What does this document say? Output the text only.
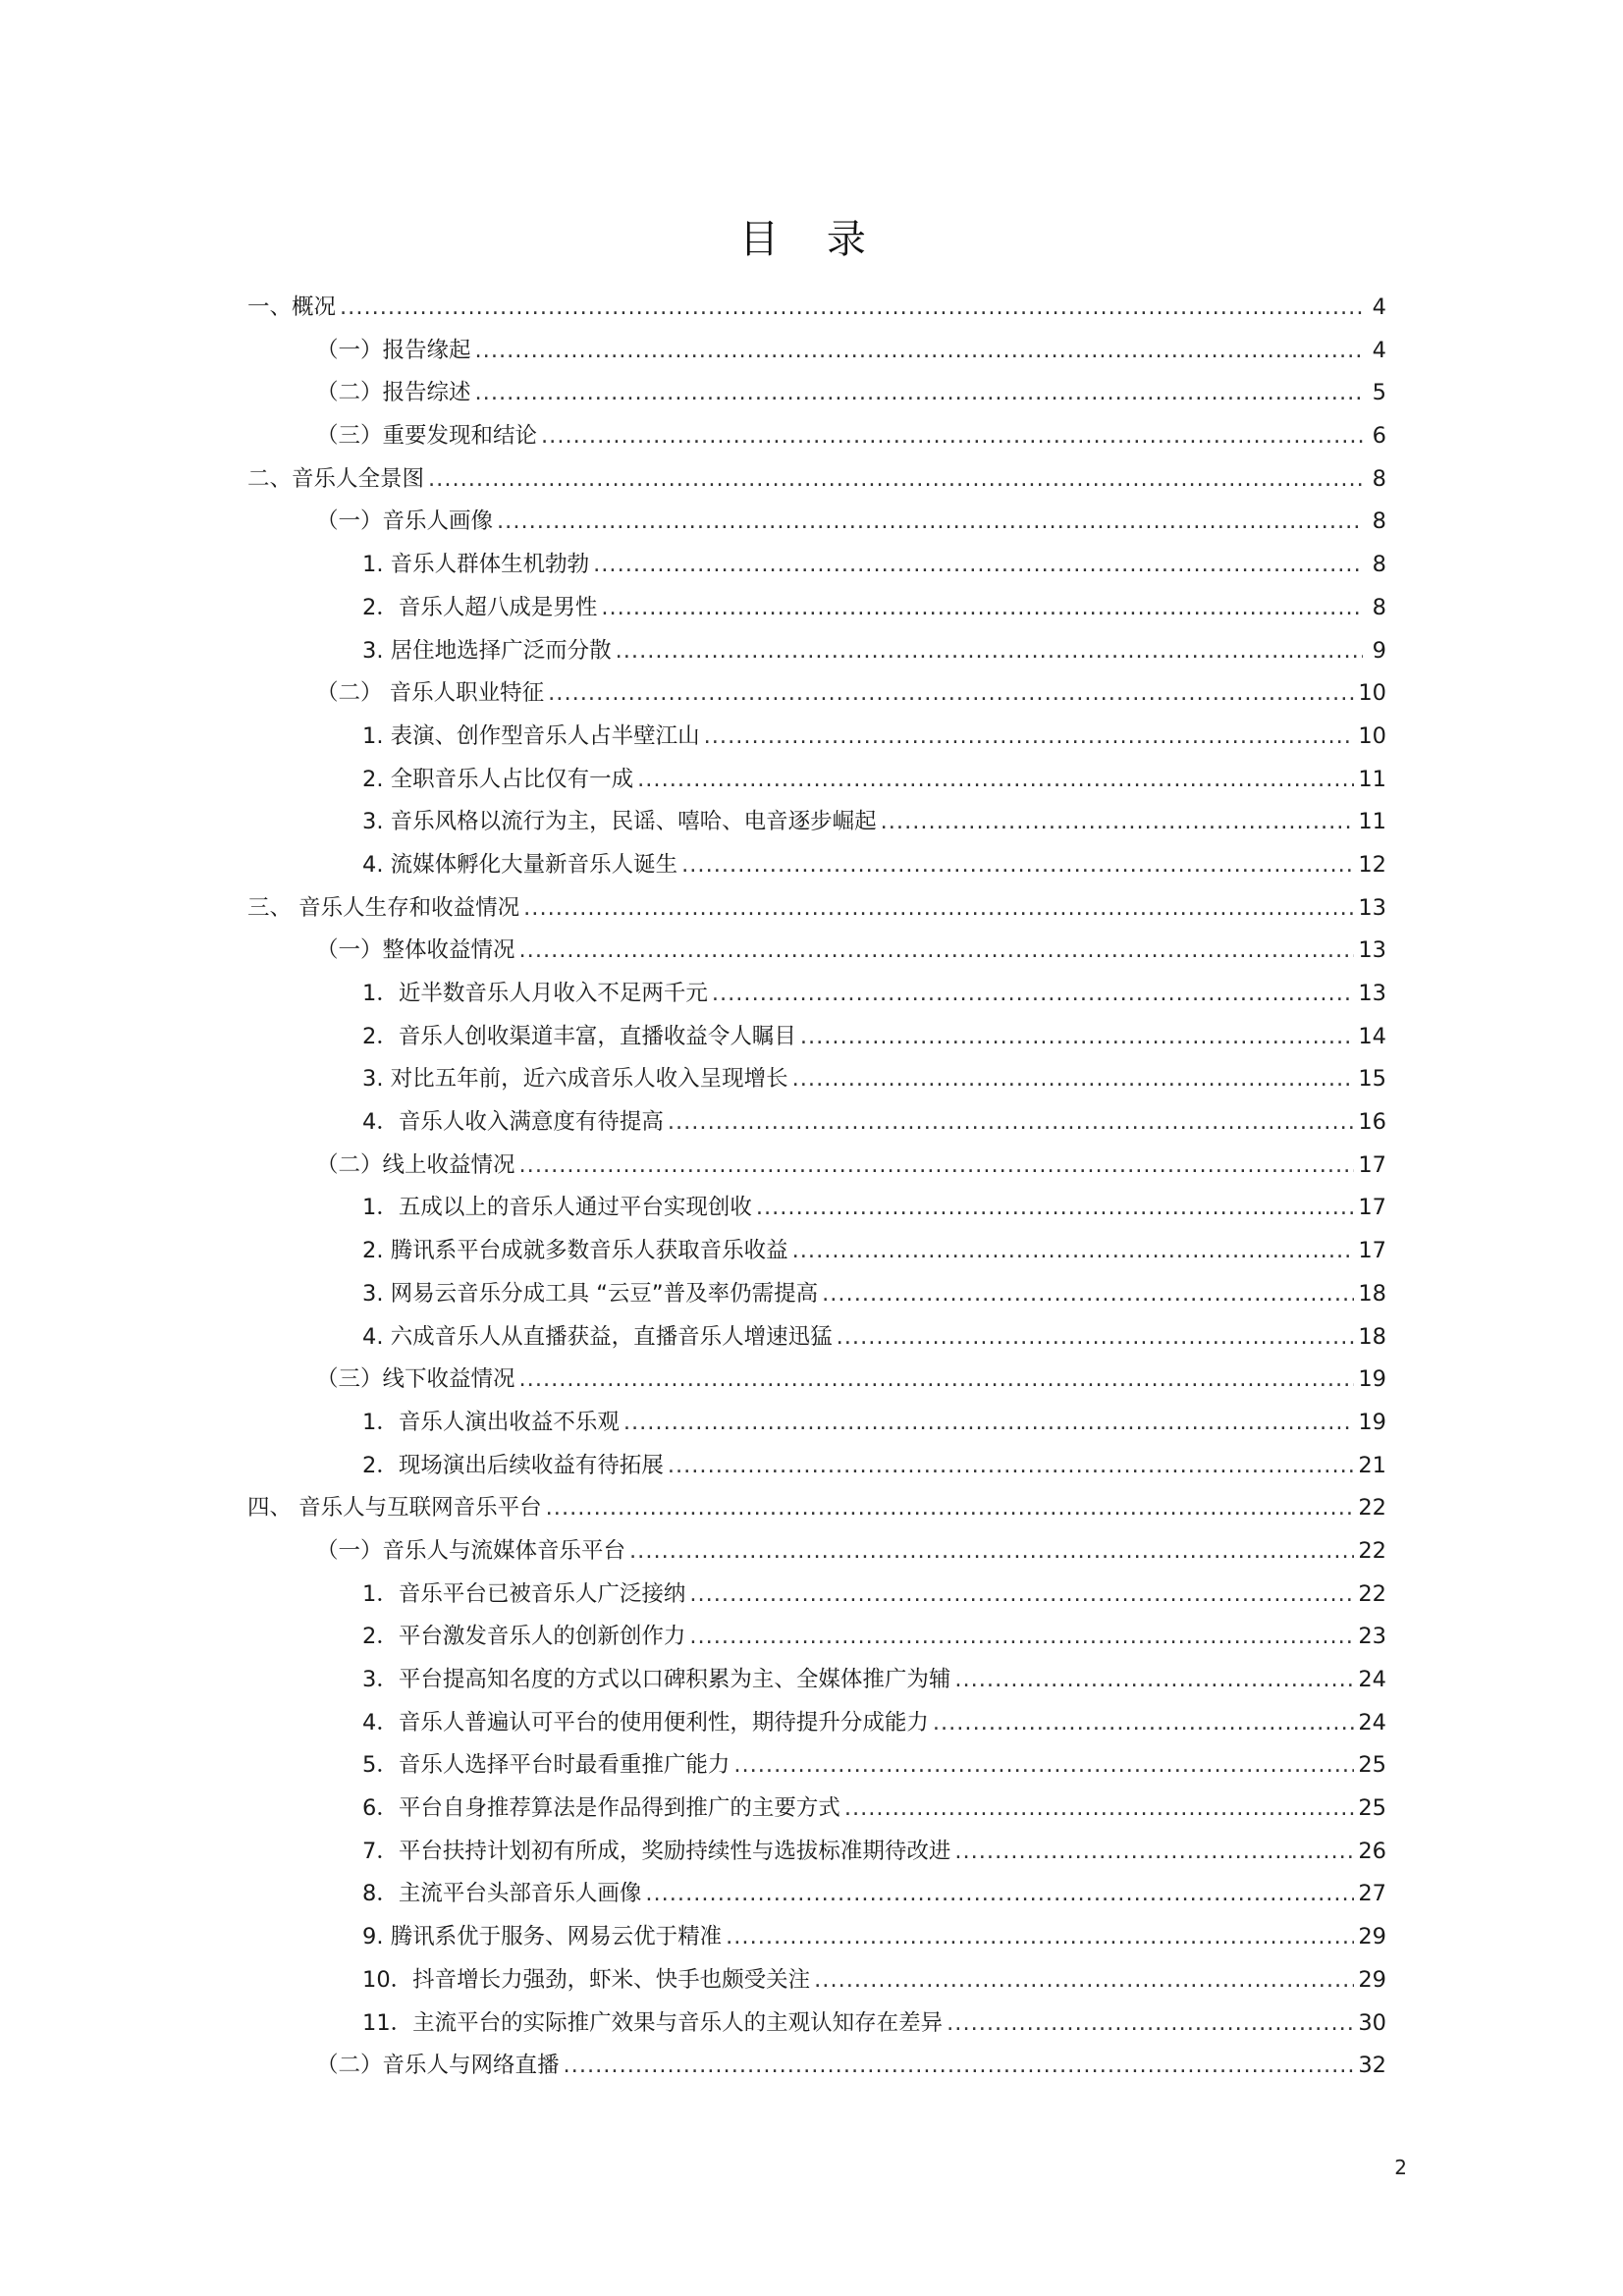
目 录
一、概况 .....	4
（一）报告缘起 .....	4
（二）报告综述 .....	5
（三）重要发现和结论 .....	6
二、音乐人全景图 .....	8
（一）音乐人画像 .....	8
1. 音乐人群体生机勃勃 .....	8
2．音乐人超八成是男性 .....	8
3. 居住地选择广泛而分散 .....	9
（二） 音乐人职业特征 .....	10
1. 表演、创作型音乐人占半壁江山 .....	10
2. 全职音乐人占比仅有一成 .....	11
3. 音乐风格以流行为主，民谣、嘻哈、电音逐步崛起 .....	11
4. 流媒体孵化大量新音乐人诞生 .....	12
三、 音乐人生存和收益情况 .....	13
（一）整体收益情况 .....	13
1．近半数音乐人月收入不足两千元 .....	13
2．音乐人创收渠道丰富，直播收益令人瞩目 .....	14
3. 对比五年前，近六成音乐人收入呈现增长 .....	15
4．音乐人收入满意度有待提高 .....	16
（二）线上收益情况 .....	17
1．五成以上的音乐人通过平台实现创收 .....	17
2. 腾讯系平台成就多数音乐人获取音乐收益 .....	17
3. 网易云音乐分成工具 “云豆”普及率仍需提高 .....	18
4. 六成音乐人从直播获益，直播音乐人增速迅猛 .....	18
（三）线下收益情况 .....	19
1．音乐人演出收益不乐观 .....	19
2．现场演出后续收益有待拓展 .....	21
四、 音乐人与互联网音乐平台 .....	22
（一）音乐人与流媒体音乐平台 .....	22
1．音乐平台已被音乐人广泛接纳 .....	22
2．平台激发音乐人的创新创作力 .....	23
3．平台提高知名度的方式以口碑积累为主、全媒体推广为辅 .....	24
4．音乐人普遍认可平台的使用便利性，期待提升分成能力 .....	24
5．音乐人选择平台时最看重推广能力 .....	25
6．平台自身推荐算法是作品得到推广的主要方式 .....	25
7．平台扶持计划初有所成，奖励持续性与选拔标准期待改进 .....	26
8．主流平台头部音乐人画像 .....	27
9. 腾讯系优于服务、网易云优于精准 .....	29
10．抖音增长力强劲，虾米、快手也颇受关注 .....	29
11．主流平台的实际推广效果与音乐人的主观认知存在差异 .....	30
（二）音乐人与网络直播 .....	32
2
